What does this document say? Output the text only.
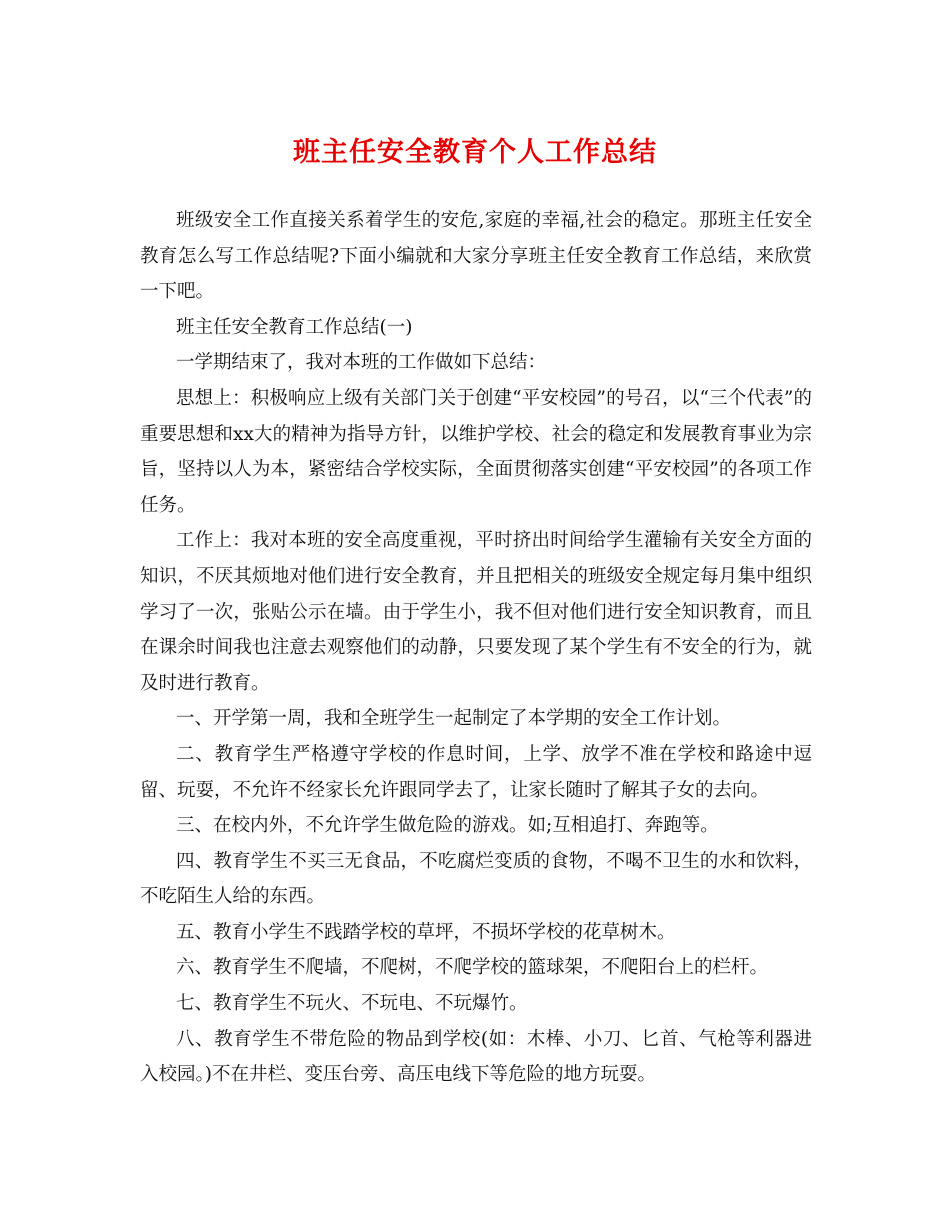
班主任安全教育个人工作总结

班级安全工作直接关系着学生的安危,家庭的幸福,社会的稳定。那班主任安全教育怎么写工作总结呢?下面小编就和大家分享班主任安全教育工作总结，来欣赏一下吧。

班主任安全教育工作总结(一)

一学期结束了，我对本班的工作做如下总结：

思想上：积极响应上级有关部门关于创建“平安校园”的号召，以“三个代表”的重要思想和xx大的精神为指导方针，以维护学校、社会的稳定和发展教育事业为宗旨，坚持以人为本，紧密结合学校实际，全面贯彻落实创建“平安校园”的各项工作任务。

工作上：我对本班的安全高度重视，平时挤出时间给学生灌输有关安全方面的知识，不厌其烦地对他们进行安全教育，并且把相关的班级安全规定每月集中组织学习了一次，张贴公示在墙。由于学生小，我不但对他们进行安全知识教育，而且在课余时间我也注意去观察他们的动静，只要发现了某个学生有不安全的行为，就及时进行教育。

一、开学第一周，我和全班学生一起制定了本学期的安全工作计划。

二、教育学生严格遵守学校的作息时间，上学、放学不准在学校和路途中逗留、玩耍，不允许不经家长允许跟同学去了，让家长随时了解其子女的去向。

三、在校内外，不允许学生做危险的游戏。如;互相追打、奔跑等。

四、教育学生不买三无食品，不吃腐烂变质的食物，不喝不卫生的水和饮料，不吃陌生人给的东西。

五、教育小学生不践踏学校的草坪，不损坏学校的花草树木。

六、教育学生不爬墙，不爬树，不爬学校的篮球架，不爬阳台上的栏杆。

七、教育学生不玩火、不玩电、不玩爆竹。

八、教育学生不带危险的物品到学校(如：木棒、小刀、匕首、气枪等利器进入校园。)不在井栏、变压台旁、高压电线下等危险的地方玩耍。
